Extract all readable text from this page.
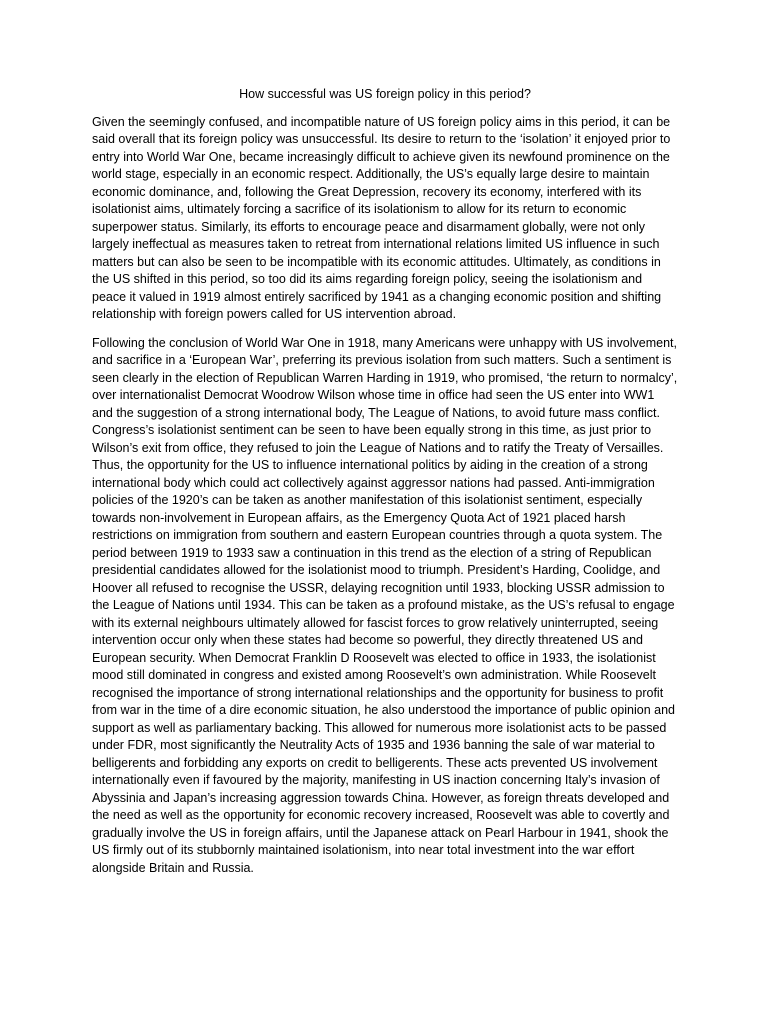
How successful was US foreign policy in this period?

Given the seemingly confused, and incompatible nature of US foreign policy aims in this period, it can be said overall that its foreign policy was unsuccessful. Its desire to return to the ‘isolation’ it enjoyed prior to entry into World War One, became increasingly difficult to achieve given its newfound prominence on the world stage, especially in an economic respect. Additionally, the US’s equally large desire to maintain economic dominance, and, following the Great Depression, recovery its economy, interfered with its isolationist aims, ultimately forcing a sacrifice of its isolationism to allow for its return to economic superpower status. Similarly, its efforts to encourage peace and disarmament globally, were not only largely ineffectual as measures taken to retreat from international relations limited US influence in such matters but can also be seen to be incompatible with its economic attitudes. Ultimately, as conditions in the US shifted in this period, so too did its aims regarding foreign policy, seeing the isolationism and peace it valued in 1919 almost entirely sacrificed by 1941 as a changing economic position and shifting relationship with foreign powers called for US intervention abroad.

Following the conclusion of World War One in 1918, many Americans were unhappy with US involvement, and sacrifice in a ‘European War’, preferring its previous isolation from such matters. Such a sentiment is seen clearly in the election of Republican Warren Harding in 1919, who promised, ‘the return to normalcy’, over internationalist Democrat Woodrow Wilson whose time in office had seen the US enter into WW1 and the suggestion of a strong international body, The League of Nations, to avoid future mass conflict. Congress’s isolationist sentiment can be seen to have been equally strong in this time, as just prior to Wilson’s exit from office, they refused to join the League of Nations and to ratify the Treaty of Versailles. Thus, the opportunity for the US to influence international politics by aiding in the creation of a strong international body which could act collectively against aggressor nations had passed. Anti-immigration policies of the 1920’s can be taken as another manifestation of this isolationist sentiment, especially towards non-involvement in European affairs, as the Emergency Quota Act of 1921 placed harsh restrictions on immigration from southern and eastern European countries through a quota system. The period between 1919 to 1933 saw a continuation in this trend as the election of a string of Republican presidential candidates allowed for the isolationist mood to triumph. President’s Harding, Coolidge, and Hoover all refused to recognise the USSR, delaying recognition until 1933, blocking USSR admission to the League of Nations until 1934. This can be taken as a profound mistake, as the US’s refusal to engage with its external neighbours ultimately allowed for fascist forces to grow relatively uninterrupted, seeing intervention occur only when these states had become so powerful, they directly threatened US and European security. When Democrat Franklin D Roosevelt was elected to office in 1933, the isolationist mood still dominated in congress and existed among Roosevelt’s own administration. While Roosevelt recognised the importance of strong international relationships and the opportunity for business to profit from war in the time of a dire economic situation, he also understood the importance of public opinion and support as well as parliamentary backing. This allowed for numerous more isolationist acts to be passed under FDR, most significantly the Neutrality Acts of 1935 and 1936 banning the sale of war material to belligerents and forbidding any exports on credit to belligerents. These acts prevented US involvement internationally even if favoured by the majority, manifesting in US inaction concerning Italy’s invasion of Abyssinia and Japan’s increasing aggression towards China. However, as foreign threats developed and the need as well as the opportunity for economic recovery increased, Roosevelt was able to covertly and gradually involve the US in foreign affairs, until the Japanese attack on Pearl Harbour in 1941, shook the US firmly out of its stubbornly maintained isolationism, into near total investment into the war effort alongside Britain and Russia.
